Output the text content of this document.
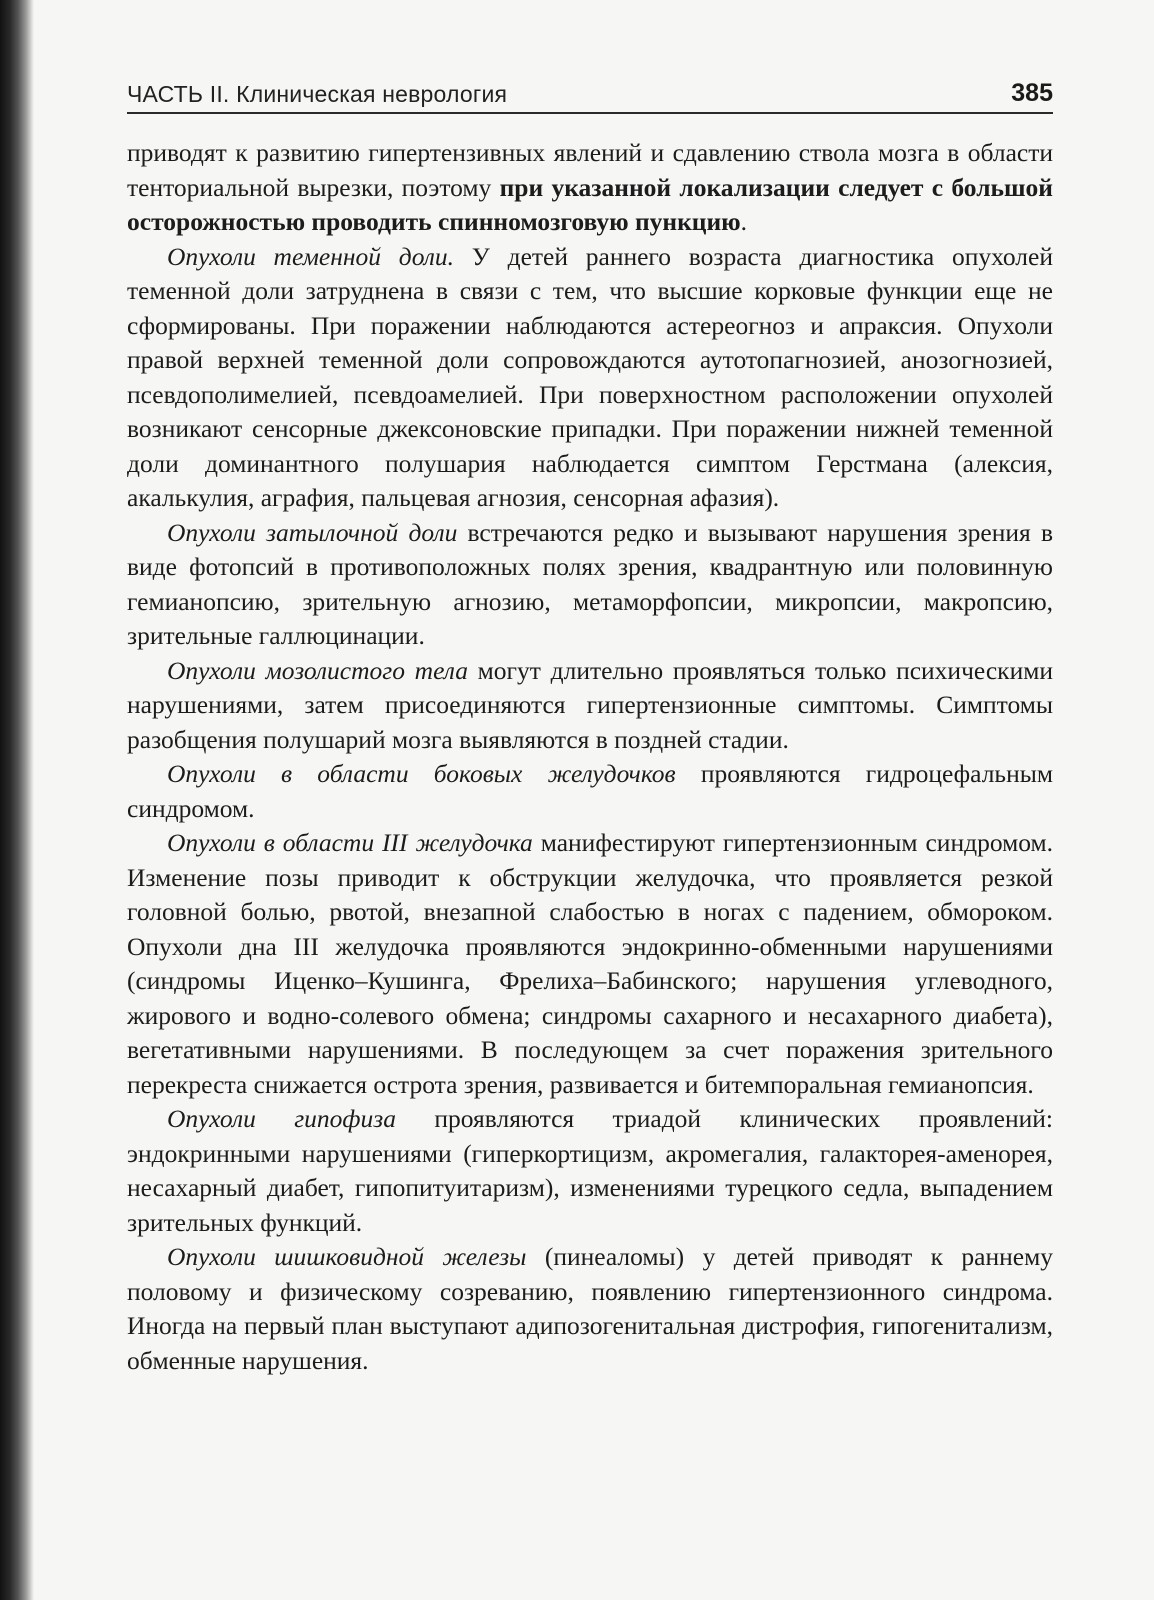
ЧАСТЬ II. Клиническая неврология	385

приводят к развитию гипертензивных явлений и сдавлению ствола мозга в области тенториальной вырезки, поэтому при указанной локализации следует с большой осторожностью проводить спинномозговую пункцию.

Опухоли теменной доли. У детей раннего возраста диагностика опухолей теменной доли затруднена в связи с тем, что высшие корковые функции еще не сформированы. При поражении наблюдаются астереогноз и апраксия. Опухоли правой верхней теменной доли сопровождаются аутотопагнозией, анозогнозией, псевдополимелией, псевдоамелией. При поверхностном расположении опухолей возникают сенсорные джексоновские припадки. При поражении нижней теменной доли доминантного полушария наблюдается симптом Герстмана (алексия, акалькулия, аграфия, пальцевая агнозия, сенсорная афазия).

Опухоли затылочной доли встречаются редко и вызывают нарушения зрения в виде фотопсий в противоположных полях зрения, квадрантную или половинную гемианопсию, зрительную агнозию, метаморфопсии, микропсии, макропсию, зрительные галлюцинации.

Опухоли мозолистого тела могут длительно проявляться только психическими нарушениями, затем присоединяются гипертензионные симптомы. Симптомы разобщения полушарий мозга выявляются в поздней стадии.

Опухоли в области боковых желудочков проявляются гидроцефальным синдромом.

Опухоли в области III желудочка манифестируют гипертензионным синдромом. Изменение позы приводит к обструкции желудочка, что проявляется резкой головной болью, рвотой, внезапной слабостью в ногах с падением, обмороком. Опухоли дна III желудочка проявляются эндокринно-обменными нарушениями (синдромы Иценко–Кушинга, Фрелиха–Бабинского; нарушения углеводного, жирового и водно-солевого обмена; синдромы сахарного и несахарного диабета), вегетативными нарушениями. В последующем за счет поражения зрительного перекреста снижается острота зрения, развивается и битемпоральная гемианопсия.

Опухоли гипофиза проявляются триадой клинических проявлений: эндокринными нарушениями (гиперкортицизм, акромегалия, галакторея-аменорея, несахарный диабет, гипопитуитаризм), изменениями турецкого седла, выпадением зрительных функций.

Опухоли шишковидной железы (пинеаломы) у детей приводят к раннему половому и физическому созреванию, появлению гипертензионного синдрома. Иногда на первый план выступают адипозогенитальная дистрофия, гипогенитализм, обменные нарушения.
